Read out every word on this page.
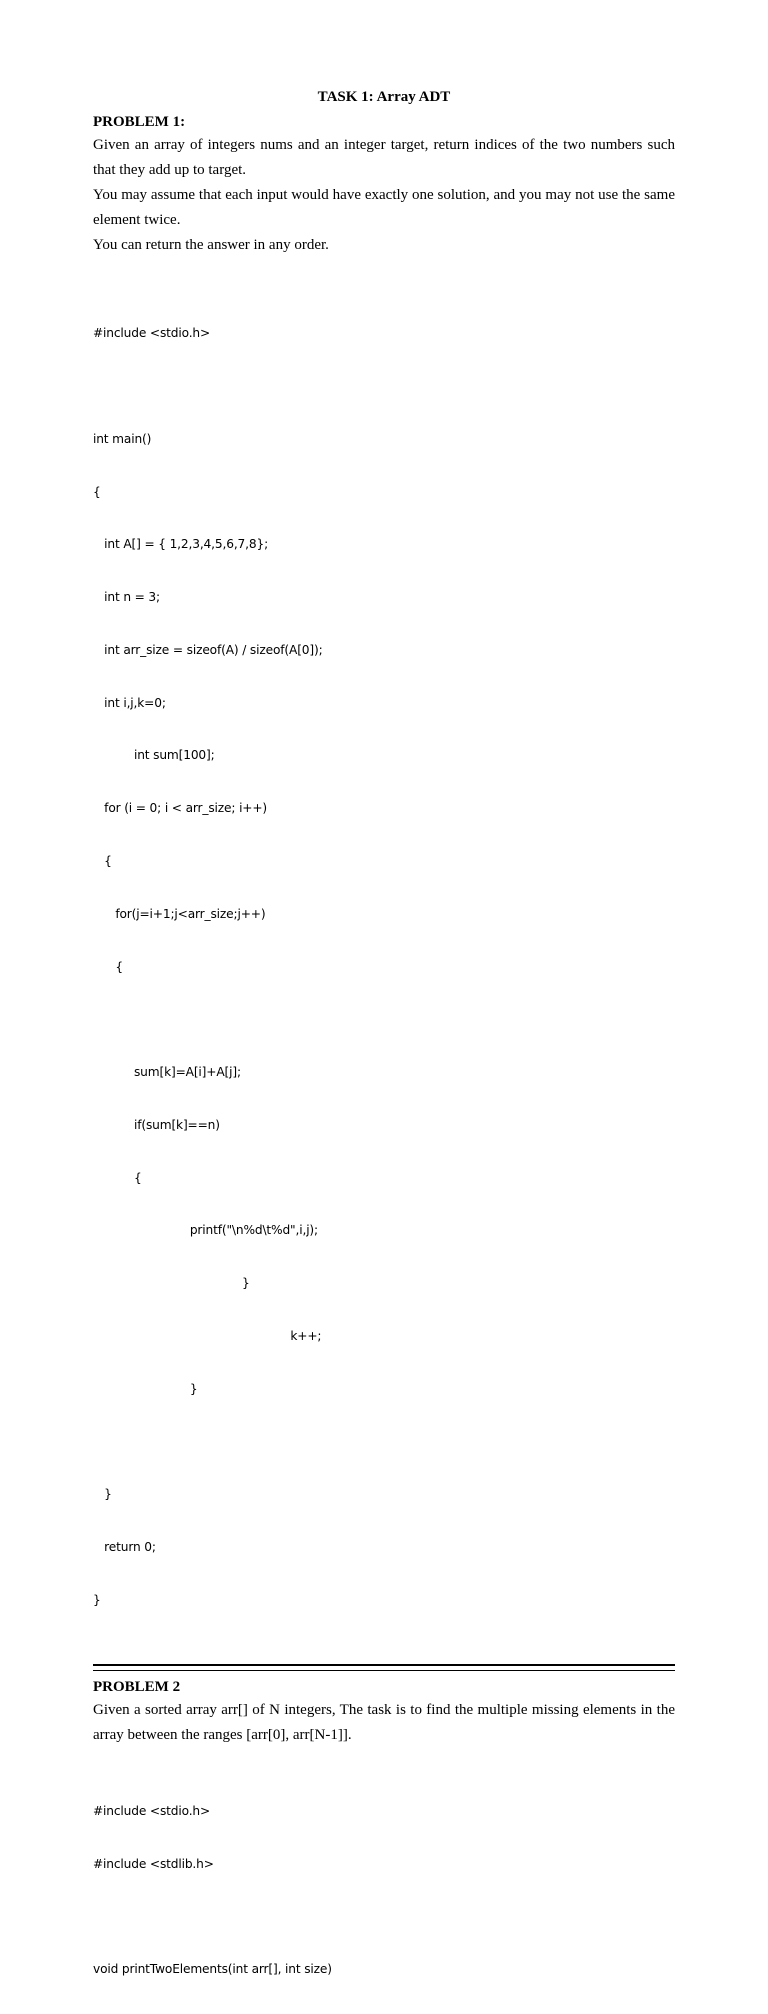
TASK 1: Array ADT

PROBLEM 1:

Given an array of integers nums and an integer target, return indices of the two numbers such that they add up to target.

You may assume that each input would have exactly one solution, and you may not use the same element twice.

You can return the answer in any order.

#include <stdio.h>

int main()

{

int A[] = { 1,2,3,4,5,6,7,8};

int n = 3;

int arr_size = sizeof(A) / sizeof(A[0]);

int i,j,k=0;

int sum[100];

for (i = 0; i < arr_size; i++)

{

for(j=i+1;j<arr_size;j++)

{

sum[k]=A[i]+A[j];

if(sum[k]==n)

{

printf("\n%d\t%d",i,j);

}

k++;

}

}

return 0;

}

PROBLEM 2

Given a sorted array arr[] of N integers, The task is to find the multiple missing elements in the array between the ranges [arr[0], arr[N-1]].

#include <stdio.h>

#include <stdlib.h>

void printTwoElements(int arr[], int size)
